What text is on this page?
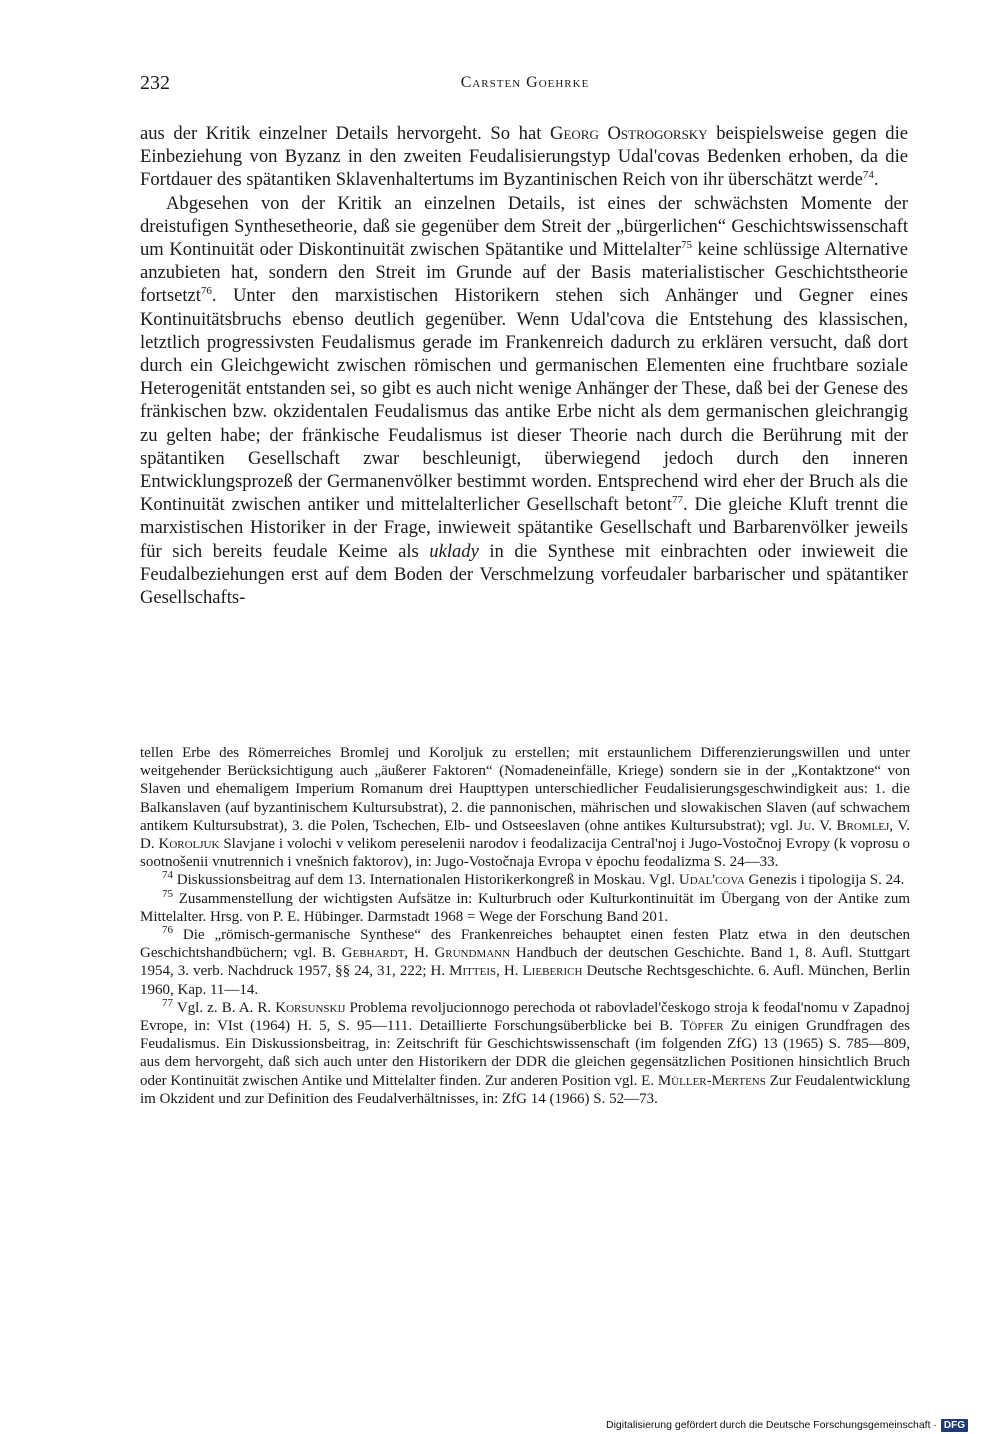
232	Carsten Goehrke

aus der Kritik einzelner Details hervorgeht. So hat Georg Ostrogorsky beispielsweise gegen die Einbeziehung von Byzanz in den zweiten Feudalisierungstyp Udal'covas Bedenken erhoben, da die Fortdauer des spätantiken Sklavenhaltertums im Byzantinischen Reich von ihr überschätzt werde$^{74}$.

Abgesehen von der Kritik an einzelnen Details, ist eines der schwächsten Momente der dreistufigen Synthesetheorie, daß sie gegenüber dem Streit der „bürgerlichen“ Geschichtswissenschaft um Kontinuität oder Diskontinuität zwischen Spätantike und Mittelalter$^{75}$ keine schlüssige Alternative anzubieten hat, sondern den Streit im Grunde auf der Basis materialistischer Geschichtstheorie fortsetzt$^{76}$. Unter den marxistischen Historikern stehen sich Anhänger und Gegner eines Kontinuitätsbruchs ebenso deutlich gegenüber. Wenn Udal'cova die Entstehung des klassischen, letztlich progressivsten Feudalismus gerade im Frankenreich dadurch zu erklären versucht, daß dort durch ein Gleichgewicht zwischen römischen und germanischen Elementen eine fruchtbare soziale Heterogenität entstanden sei, so gibt es auch nicht wenige Anhänger der These, daß bei der Genese des fränkischen bzw. okzidentalen Feudalismus das antike Erbe nicht als dem germanischen gleichrangig zu gelten habe; der fränkische Feudalismus ist dieser Theorie nach durch die Berührung mit der spätantiken Gesellschaft zwar beschleunigt, überwiegend jedoch durch den inneren Entwicklungsprozeß der Germanenvölker bestimmt worden. Entsprechend wird eher der Bruch als die Kontinuität zwischen antiker und mittelalterlicher Gesellschaft betont$^{77}$. Die gleiche Kluft trennt die marxistischen Historiker in der Frage, inwieweit spätantike Gesellschaft und Barbarenvölker jeweils für sich bereits feudale Keime als uklady in die Synthese mit einbrachten oder inwieweit die Feudalbeziehungen erst auf dem Boden der Verschmelzung vorfeudaler barbarischer und spätantiker Gesellschafts-

tellen Erbe des Römerreiches Bromlej und Koroljuk zu erstellen; mit erstaunlichem Differenzierungswillen und unter weitgehender Berücksichtigung auch „äußerer Faktoren“ (Nomadeneinfälle, Kriege) sondern sie in der „Kontaktzone“ von Slaven und ehemaligem Imperium Romanum drei Haupttypen unterschiedlicher Feudalisierungsgeschwindigkeit aus: 1. die Balkanslaven (auf byzantinischem Kultursubstrat), 2. die pannonischen, mährischen und slowakischen Slaven (auf schwachem antikem Kultursubstrat), 3. die Polen, Tschechen, Elb- und Ostseeslaven (ohne antikes Kultursubstrat); vgl. Ju. V. Bromlej, V. D. Koroljuk Slavjane i volochi v velikom pereselenii narodov i feodalizacija Central'noj i Jugo-Vostočnoj Evropy (k voprosu o sootnošenii vnutrennich i vnešnich faktorov), in: Jugo-Vostočnaja Evropa v ėpochu feodalizma S. 24—33.

$^{74}$ Diskussionsbeitrag auf dem 13. Internationalen Historikerkongreß in Moskau. Vgl. Udal'cova Genezis i tipologija S. 24.

$^{75}$ Zusammenstellung der wichtigsten Aufsätze in: Kulturbruch oder Kulturkontinuität im Übergang von der Antike zum Mittelalter. Hrsg. von P. E. Hübinger. Darmstadt 1968 = Wege der Forschung Band 201.

$^{76}$ Die „römisch-germanische Synthese“ des Frankenreiches behauptet einen festen Platz etwa in den deutschen Geschichtshandbüchern; vgl. B. Gebhardt, H. Grundmann Handbuch der deutschen Geschichte. Band 1, 8. Aufl. Stuttgart 1954, 3. verb. Nachdruck 1957, §§ 24, 31, 222; H. Mitteis, H. Lieberich Deutsche Rechtsgeschichte. 6. Aufl. München, Berlin 1960, Kap. 11—14.

$^{77}$ Vgl. z. B. A. R. Korsunskij Problema revoljucionnogo perechoda ot rabovladel'českogo stroja k feodal'nomu v Zapadnoj Evrope, in: VIst (1964) H. 5, S. 95—111. Detaillierte Forschungsüberblicke bei B. Töpfer Zu einigen Grundfragen des Feudalismus. Ein Diskussionsbeitrag, in: Zeitschrift für Geschichtswissenschaft (im folgenden ZfG) 13 (1965) S. 785—809, aus dem hervorgeht, daß sich auch unter den Historikern der DDR die gleichen gegensätzlichen Positionen hinsichtlich Bruch oder Kontinuität zwischen Antike und Mittelalter finden. Zur anderen Position vgl. E. Müller-Mertens Zur Feudalentwicklung im Okzident und zur Definition des Feudalverhältnisses, in: ZfG 14 (1966) S. 52—73.

Digitalisierung gefördert durch die Deutsche Forschungsgemeinschaft · DFG
